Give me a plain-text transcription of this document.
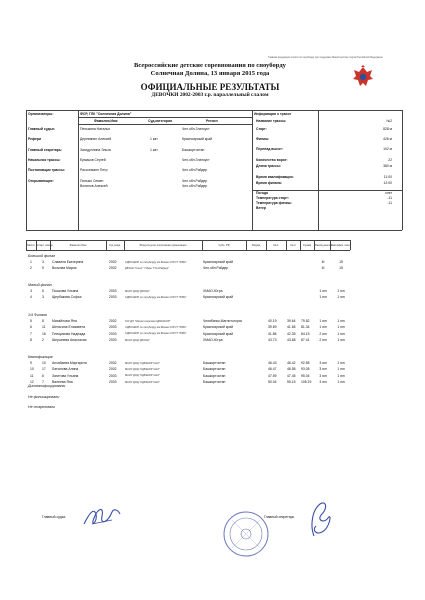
Главная федерация спорта по сноуборду при поддержке Министерства спорта Российской Федерации
Всероссийские детские соревнования по сноуборду
Солнечная Долина, 13 января 2015 года
ОФИЦИАЛЬНЫЕ РЕЗУЛЬТАТЫ
ДЕВОЧКИ 2002-2003 г.р. параллельный слалом
Организаторы:	ФСР, ГЛК "Солнечная Долина"
Фамилия,Имя	Суд.категория	Регион
Главный судья:	Пепыкина Наталья	Чел.обл.Златоуст
Рефери	Деревянин Алексей	1 кат	Красноярский край
Главный секретарь:	Загидуллина Эльза	1 кат	Башкортостан
Начальник трассы:	Ермаков Сергей	Чел.обл.Златоуст
Постановщик трассы:	Рассохманн Петр	Чел.обл.Райдер
Открывающие:	Попыко Семен	Чел.обл.Райдер
Волинов Алексей	Чел.обл.Райдер
Информация о трассе
Название трассы:	№2
Старт:	828 м
Финиш:	426 м
Перепад высот:	102 м
Количество ворот:	22
Длина трассы:	380 м
Время квалификации:	11:00
Время финала:	12:00
Погода	снег
Температура старт:	-11
Температура финиш:	-11
Ветер
Место Старт. номер	Фамилия Имя	Год рожд.	Физкультурно-спортивная организация	Субъ. РФ	Разряд	Кв.1	Кв.2	Сумма	Разряд выпол.
Квалифик. очки
Большой финал
1	3 Славина Екатерина	2002	СДЮСШОР по сноуборду им.Фомин СОГСТ "ЮВС"	Красноярский край	III	15
2	9 Волкова Мария	2002	ДЮСШ "Спорт" / Мкрн "ГСЦ Райдер"	Чел.обл.Райдер	III	15
Малый финал
3	6 Пошкова Ульяна	2003	МАОУ ДОД "ДЮСШ"	ХМАО-Югра	1 юн	1 юн
4	3 Щербакова Софья	2003	СДЮСШОР по сноуборду им.Фомин СОГСТ "ЮВС"	Красноярский край	1 юн	1 юн
1/4 Финала
5	8 Михайлова Яна	2002	ГАУ ДО "Магнитогорская СДЮСШОР"	Челябинск,Магнитогорск	40.19	39.64 79.82	1 юн	1 юн
6	11 Шельгина Елизавета	2003	СДЮСШОР по сноуборду им.Фомин СОГСТ "ЮВС"	Красноярский край	39.69	41.65 81.34	1 юн	1 юн
7	16 Плещикова Надежда	2003	СДЮСШОР по сноуборду им.Фомин СОГСТ "ЮВС"	Красноярский край	41.86	42.35 84.15	2 юн	1 юн
8	2 Шершнева Анастасия	2003	МАОУ ДОД "ДЮСШ"	ХМАО-Югра	43.73	43.68 87.41	2 юн	1 юн
Квалификация
9	10 Анхабаева Маргарита	2002	МАОУ ДОД "СДЮШОР №10"	Башкортостан	46.43	46.42 92.85	3 юн	1 юн
10 17 Латыпова Алина	2002	МАОУ ДОД "СДЮШОР №10"	Башкортостан	46.47	46.58 93.05	3 юн	1 юн
11 6 Загитова Ульяна	2003	МАОУ ДОД "СДЮШОР №10"	Башкортостан	47.59	47.45 95.04	3 юн	1 юн
12 7 Валеева Яна	2003	МАОУ ДОД "СДЮШОР №10"	Башкортостан	50.04	55.15 105.19	3 юн	1 юн
Дисквалифицированы
Не финишировали
Не стартовали
Главный судья	Главный секретарь
